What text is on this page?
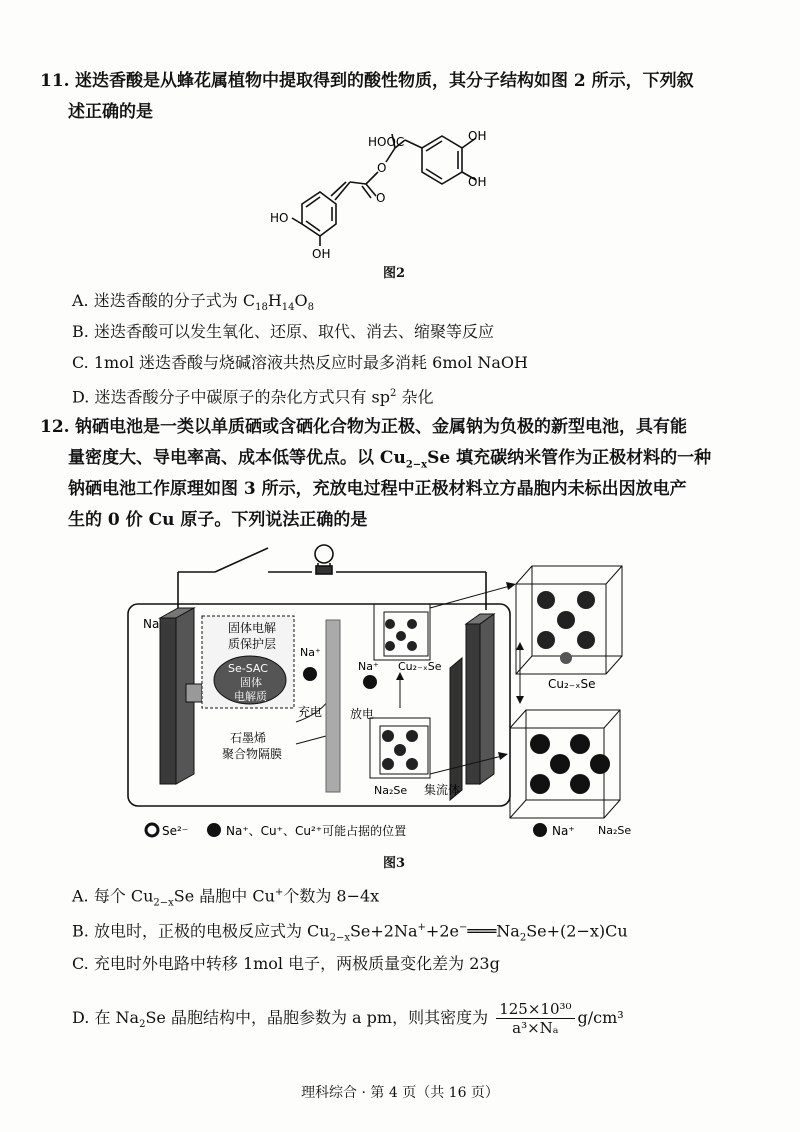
11. 迷迭香酸是从蜂花属植物中提取得到的酸性物质，其分子结构如图 2 所示，下列叙
述正确的是
HOOC	OH
OH
O
O
HO
OH
图2
A. 迷迭香酸的分子式为 $C_{18}H_{14}O_8$
B. 迷迭香酸可以发生氧化、还原、取代、消去、缩聚等反应
C. 1mol 迷迭香酸与烧碱溶液共热反应时最多消耗 6mol NaOH
D. 迷迭香酸分子中碳原子的杂化方式只有 $sp^2$ 杂化
12. 钠硒电池是一类以单质硒或含硒化合物为正极、金属钠为负极的新型电池，具有能
量密度大、导电率高、成本低等优点。以 $Cu_{2-x}Se$ 填充碳纳米管作为正极材料的一种
钠硒电池工作原理如图 3 所示，充放电过程中正极材料立方晶胞内未标出因放电产
生的 0 价 Cu 原子。下列说法正确的是
Na	固体电解
质保护层
Se-SAC
固体
电解质
Na⁺
充电
石墨烯
聚合物隔膜
Na⁺ Cu₂₋ₓSe
放电
Na₂Se 集流体
Cu₂₋ₓSe
Na₂Se
Se²⁻	Na⁺、Cu⁺、Cu²⁺可能占据的位置	Na⁺
图3
A. 每个 $Cu_{2-x}Se$ 晶胞中 Cu+个数为 8−4x
B. 放电时，正极的电极反应式为 $Cu_{2-x}Se+2Na^++2e^-═══Na_2Se+(2-x)Cu$
C. 充电时外电路中转移 1mol 电子，两极质量变化差为 23g
D. 在 $Na_2Se$ 晶胞结构中，晶胞参数为 a pm，则其密度为 $\frac{\text{125×10³⁰}}{\text{a³×Nₐ}} g/cm^3$
理科综合 · 第 4 页（共 16 页）
